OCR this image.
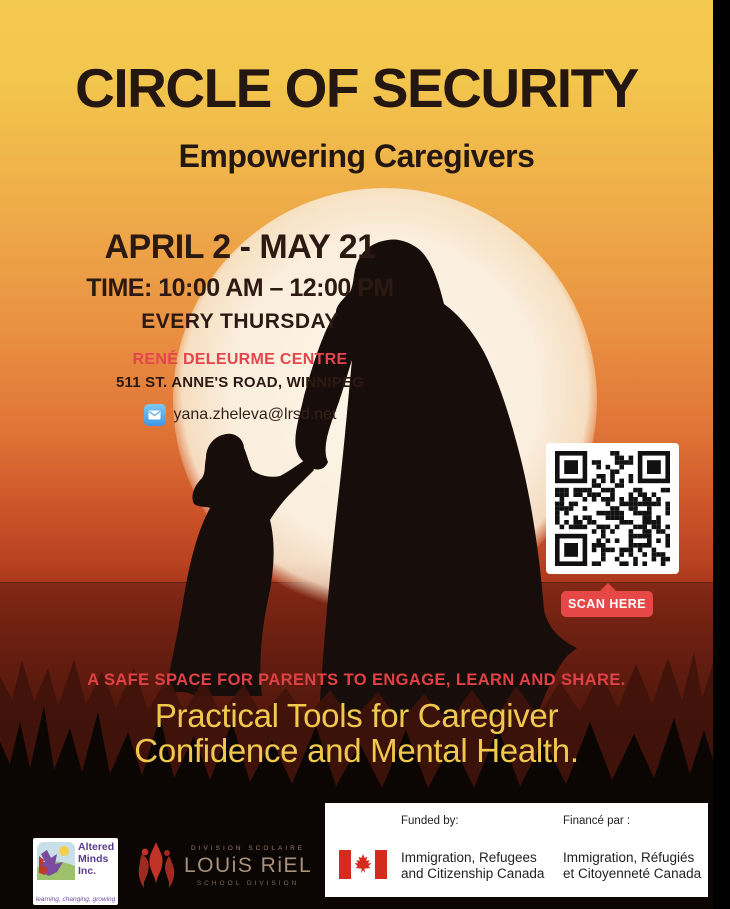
CIRCLE OF SECURITY
Empowering Caregivers
APRIL 2 - MAY 21
TIME: 10:00 AM – 12:00 PM
EVERY THURSDAY
RENÉ DELEURME CENTRE
511 ST. ANNE'S ROAD, WINNIPEG
yana.zheleva@lrsd.net
SCAN HERE
A SAFE SPACE FOR PARENTS TO ENGAGE, LEARN AND SHARE.
Practical Tools for Caregiver
Confidence and Mental Health.
Altered
Minds
Inc.
learning, changing, growing
DIVISION SCOLAIRE
LOUiS RiEL
SCHOOL DIVISION
Funded by:
Immigration, Refugees
and Citizenship Canada
Financé par :
Immigration, Réfugiés
et Citoyenneté Canada
